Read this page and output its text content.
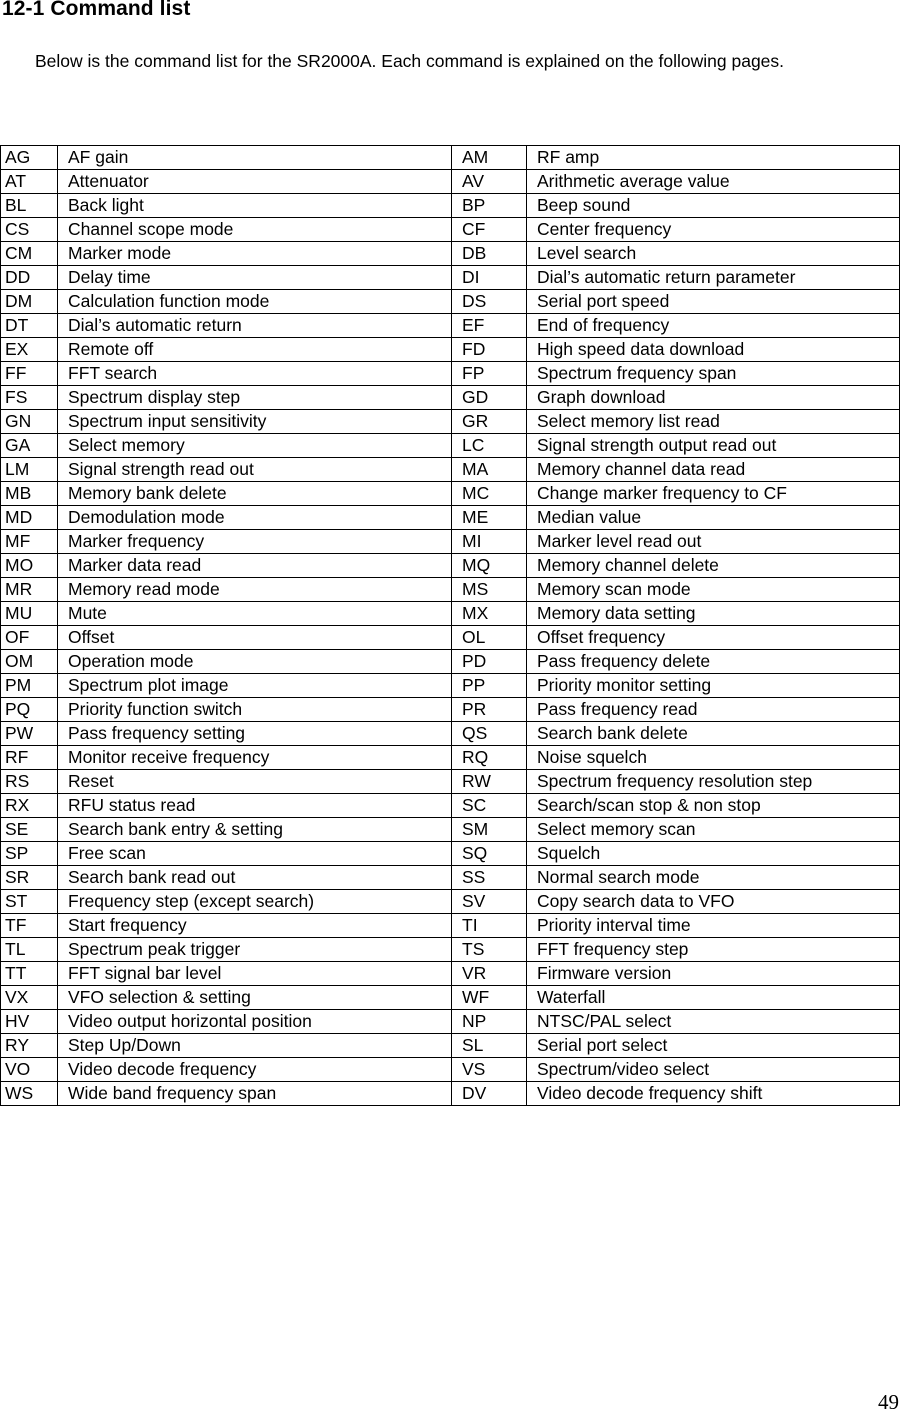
12-1 Command list
Below is the command list for the SR2000A. Each command is explained on the following pages.
AG	AF gain	AM	RF amp
AT	Attenuator	AV	Arithmetic average value
BL	Back light	BP	Beep sound
CS	Channel scope mode	CF	Center frequency
CM	Marker mode	DB	Level search
DD	Delay time	DI	Dial’s automatic return parameter
DM	Calculation function mode	DS	Serial port speed
DT	Dial’s automatic return	EF	End of frequency
EX	Remote off	FD	High speed data download
FF	FFT search	FP	Spectrum frequency span
FS	Spectrum display step	GD	Graph download
GN	Spectrum input sensitivity	GR	Select memory list read
GA	Select memory	LC	Signal strength output read out
LM	Signal strength read out	MA	Memory channel data read
MB	Memory bank delete	MC	Change marker frequency to CF
MD	Demodulation mode	ME	Median value
MF	Marker frequency	MI	Marker level read out
MO	Marker data read	MQ	Memory channel delete
MR	Memory read mode	MS	Memory scan mode
MU	Mute	MX	Memory data setting
OF	Offset	OL	Offset frequency
OM	Operation mode	PD	Pass frequency delete
PM	Spectrum plot image	PP	Priority monitor setting
PQ	Priority function switch	PR	Pass frequency read
PW	Pass frequency setting	QS	Search bank delete
RF	Monitor receive frequency	RQ	Noise squelch
RS	Reset	RW	Spectrum frequency resolution step
RX	RFU status read	SC	Search/scan stop & non stop
SE	Search bank entry & setting	SM	Select memory scan
SP	Free scan	SQ	Squelch
SR	Search bank read out	SS	Normal search mode
ST	Frequency step (except search)	SV	Copy search data to VFO
TF	Start frequency	TI	Priority interval time
TL	Spectrum peak trigger	TS	FFT frequency step
TT	FFT signal bar level	VR	Firmware version
VX	VFO selection & setting	WF	Waterfall
HV	Video output horizontal position	NP	NTSC/PAL select
RY	Step Up/Down	SL	Serial port select
VO	Video decode frequency	VS	Spectrum/video select
WS	Wide band frequency span	DV	Video decode frequency shift
49
